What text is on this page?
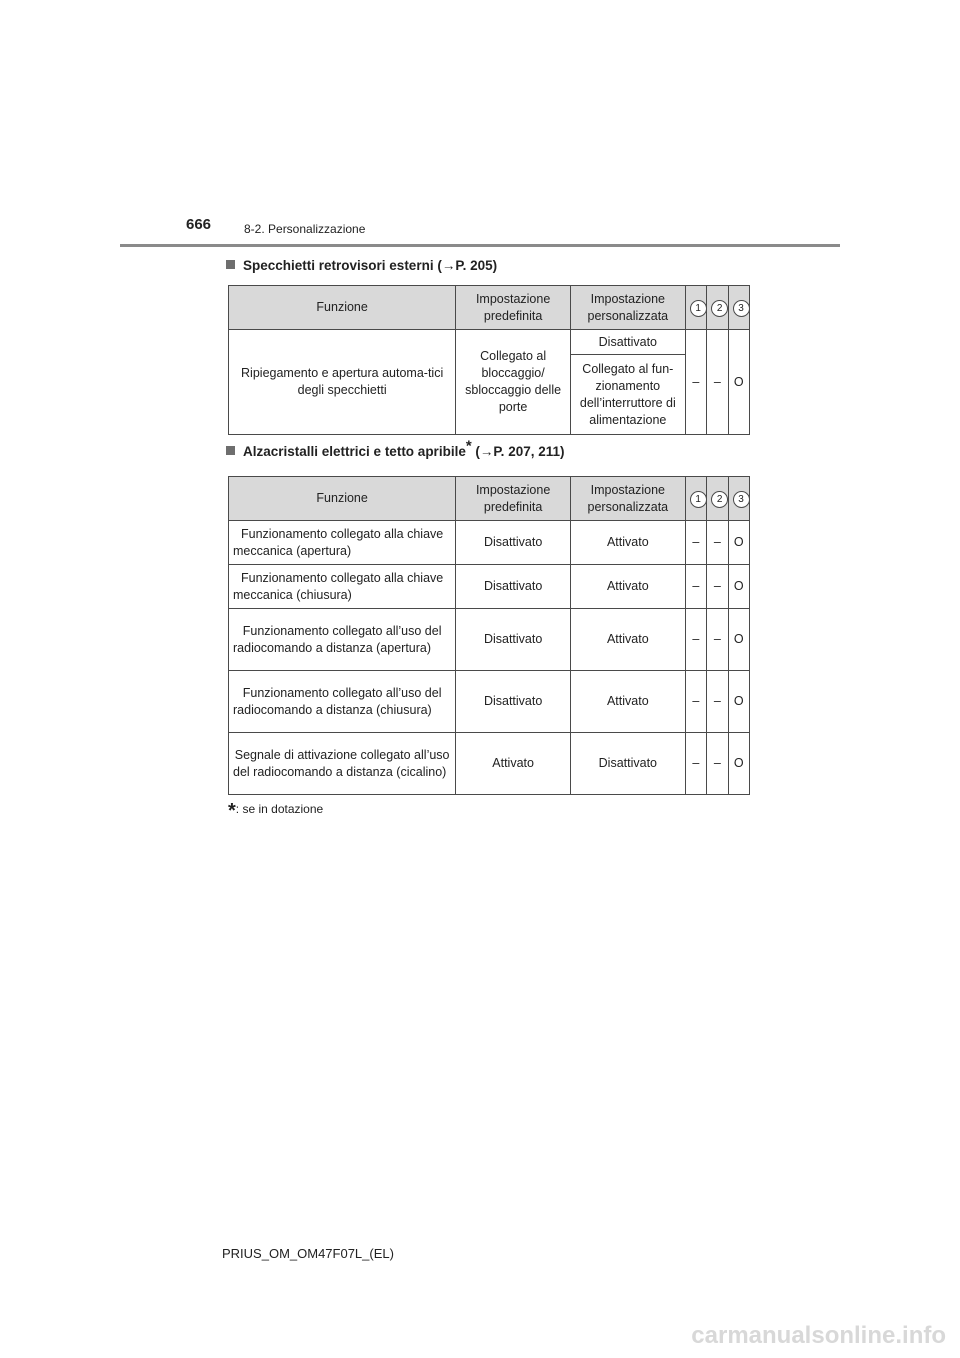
666	8-2. Personalizzazione
Specchietti retrovisori esterni (→P. 205)
Funzione	Impostazione predefinita	Impostazione personalizzata	1	2	3
Ripiegamento e apertura automa-tici degli specchietti	Collegato al bloccaggio/ sbloccaggio delle porte	Disattivato	–	–	O
		Collegato al fun-zionamento dell’interruttore di alimentazione			
Alzacristalli elettrici e tetto apribile* (→P. 207, 211)
Funzione	Impostazione predefinita	Impostazione personalizzata	1	2	3
Funzionamento collegato alla chiave meccanica (apertura)	Disattivato	Attivato	–	–	O
Funzionamento collegato alla chiave meccanica (chiusura)	Disattivato	Attivato	–	–	O
Funzionamento collegato all’uso del radiocomando a distanza (apertura)	Disattivato	Attivato	–	–	O
Funzionamento collegato all’uso del radiocomando a distanza (chiusura)	Disattivato	Attivato	–	–	O
Segnale di attivazione collegato all’uso del radiocomando a distanza (cicalino)	Attivato	Disattivato	–	–	O
*: se in dotazione
PRIUS_OM_OM47F07L_(EL)
carmanualsonline.info
